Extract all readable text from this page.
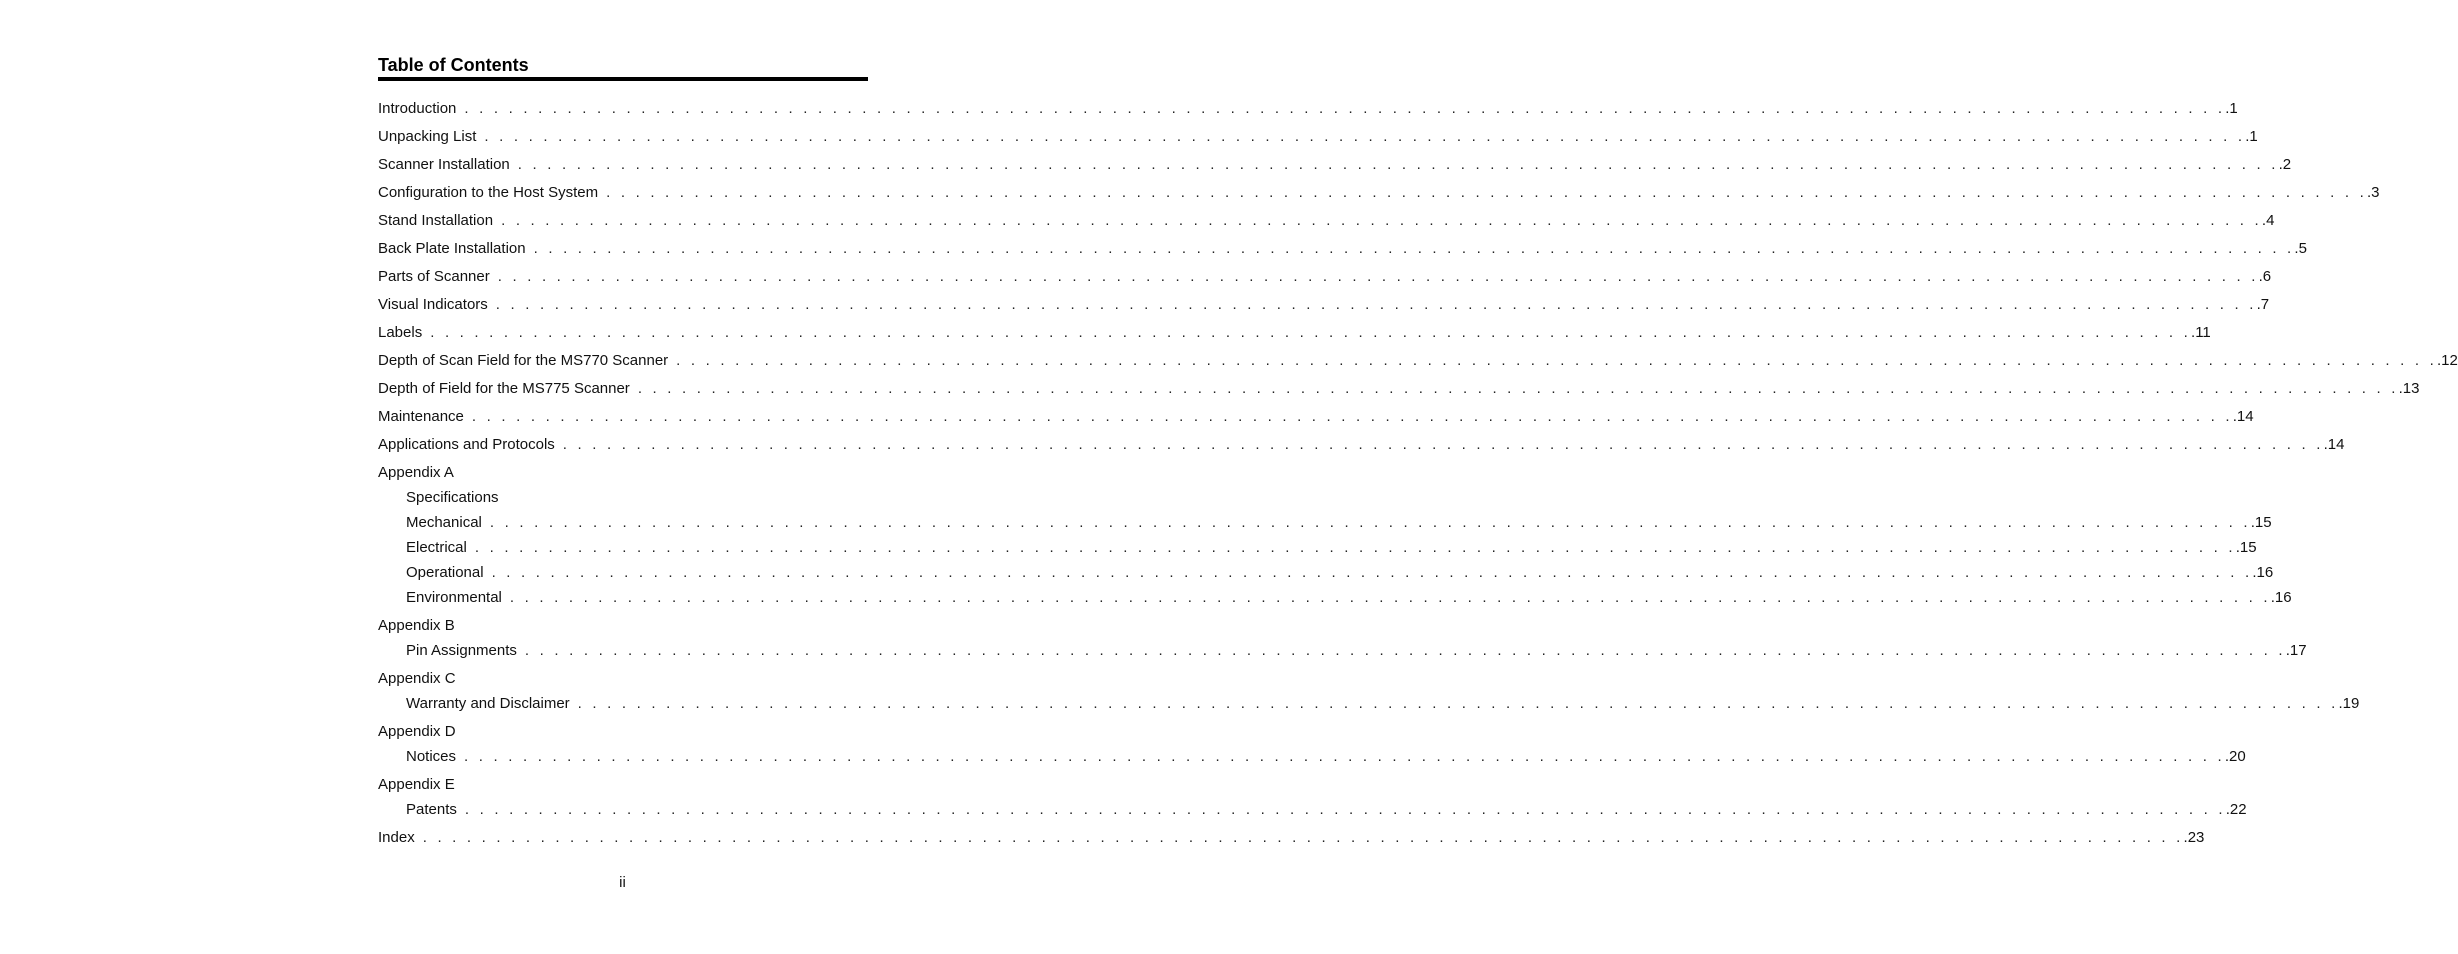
Table of Contents
Introduction . . . . . . . . . . . . . . . . . . . . . . . . . . . . . . . . . . . . . . . . . . . . . . . . . . . . . . . . . . . . . . . . . . . . . . . . . . . . . . . . . . . . . . . . . . . . . . . . . . . . . . . . . . . . . . . . . . . . . . . . .1
Unpacking List . . . . . . . . . . . . . . . . . . . . . . . . . . . . . . . . . . . . . . . . . . . . . . . . . . . . . . . . . . . . . . . . . . . . . . . . . . . . . . . . . . . . . . . . . . . . . . . . . . . . . . . . . . . . . . . . . . . . . . . . .1
Scanner Installation . . . . . . . . . . . . . . . . . . . . . . . . . . . . . . . . . . . . . . . . . . . . . . . . . . . . . . . . . . . . . . . . . . . . . . . . . . . . . . . . . . . . . . . . . . . . . . . . . . . . . . . . . . . . . . . . . . . . . . . . .2
Configuration to the Host System . . . . . . . . . . . . . . . . . . . . . . . . . . . . . . . . . . . . . . . . . . . . . . . . . . . . . . . . . . . . . . . . . . . . . . . . . . . . . . . . . . . . . . . . . . . . . . . . . . . . . . . . . . . . . . . . . . . . . . . . .3
Stand Installation . . . . . . . . . . . . . . . . . . . . . . . . . . . . . . . . . . . . . . . . . . . . . . . . . . . . . . . . . . . . . . . . . . . . . . . . . . . . . . . . . . . . . . . . . . . . . . . . . . . . . . . . . . . . . . . . . . . . . . . . .4
Back Plate Installation . . . . . . . . . . . . . . . . . . . . . . . . . . . . . . . . . . . . . . . . . . . . . . . . . . . . . . . . . . . . . . . . . . . . . . . . . . . . . . . . . . . . . . . . . . . . . . . . . . . . . . . . . . . . . . . . . . . . . . . . .5
Parts of Scanner . . . . . . . . . . . . . . . . . . . . . . . . . . . . . . . . . . . . . . . . . . . . . . . . . . . . . . . . . . . . . . . . . . . . . . . . . . . . . . . . . . . . . . . . . . . . . . . . . . . . . . . . . . . . . . . . . . . . . . . . .6
Visual Indicators . . . . . . . . . . . . . . . . . . . . . . . . . . . . . . . . . . . . . . . . . . . . . . . . . . . . . . . . . . . . . . . . . . . . . . . . . . . . . . . . . . . . . . . . . . . . . . . . . . . . . . . . . . . . . . . . . . . . . . . . .7
Labels . . . . . . . . . . . . . . . . . . . . . . . . . . . . . . . . . . . . . . . . . . . . . . . . . . . . . . . . . . . . . . . . . . . . . . . . . . . . . . . . . . . . . . . . . . . . . . . . . . . . . . . . . . . . . . . . . . . . . . . . .11
Depth of Scan Field for the MS770 Scanner . . . . . . . . . . . . . . . . . . . . . . . . . . . . . . . . . . . . . . . . . . . . . . . . . . . . . . . . . . . . . . . . . . . . . . . . . . . . . . . . . . . . . . . . . . . . . . . . . . . . . . . . . . . . . . . . . . . . . . . . .12
Depth of Field for the MS775 Scanner . . . . . . . . . . . . . . . . . . . . . . . . . . . . . . . . . . . . . . . . . . . . . . . . . . . . . . . . . . . . . . . . . . . . . . . . . . . . . . . . . . . . . . . . . . . . . . . . . . . . . . . . . . . . . . . . . . . . . . . . .13
Maintenance . . . . . . . . . . . . . . . . . . . . . . . . . . . . . . . . . . . . . . . . . . . . . . . . . . . . . . . . . . . . . . . . . . . . . . . . . . . . . . . . . . . . . . . . . . . . . . . . . . . . . . . . . . . . . . . . . . . . . . . . .14
Applications and Protocols . . . . . . . . . . . . . . . . . . . . . . . . . . . . . . . . . . . . . . . . . . . . . . . . . . . . . . . . . . . . . . . . . . . . . . . . . . . . . . . . . . . . . . . . . . . . . . . . . . . . . . . . . . . . . . . . . . . . . . . . .14
Appendix A
Specifications
Mechanical . . . . . . . . . . . . . . . . . . . . . . . . . . . . . . . . . . . . . . . . . . . . . . . . . . . . . . . . . . . . . . . . . . . . . . . . . . . . . . . . . . . . . . . . . . . . . . . . . . . . . . . . . . . . . . . . . . . . . . . . .15
Electrical . . . . . . . . . . . . . . . . . . . . . . . . . . . . . . . . . . . . . . . . . . . . . . . . . . . . . . . . . . . . . . . . . . . . . . . . . . . . . . . . . . . . . . . . . . . . . . . . . . . . . . . . . . . . . . . . . . . . . . . . .15
Operational . . . . . . . . . . . . . . . . . . . . . . . . . . . . . . . . . . . . . . . . . . . . . . . . . . . . . . . . . . . . . . . . . . . . . . . . . . . . . . . . . . . . . . . . . . . . . . . . . . . . . . . . . . . . . . . . . . . . . . . . .16
Environmental . . . . . . . . . . . . . . . . . . . . . . . . . . . . . . . . . . . . . . . . . . . . . . . . . . . . . . . . . . . . . . . . . . . . . . . . . . . . . . . . . . . . . . . . . . . . . . . . . . . . . . . . . . . . . . . . . . . . . . . . .16
Appendix B
Pin Assignments . . . . . . . . . . . . . . . . . . . . . . . . . . . . . . . . . . . . . . . . . . . . . . . . . . . . . . . . . . . . . . . . . . . . . . . . . . . . . . . . . . . . . . . . . . . . . . . . . . . . . . . . . . . . . . . . . . . . . . . . .17
Appendix C
Warranty and Disclaimer . . . . . . . . . . . . . . . . . . . . . . . . . . . . . . . . . . . . . . . . . . . . . . . . . . . . . . . . . . . . . . . . . . . . . . . . . . . . . . . . . . . . . . . . . . . . . . . . . . . . . . . . . . . . . . . . . . . . . . . . .19
Appendix D
Notices . . . . . . . . . . . . . . . . . . . . . . . . . . . . . . . . . . . . . . . . . . . . . . . . . . . . . . . . . . . . . . . . . . . . . . . . . . . . . . . . . . . . . . . . . . . . . . . . . . . . . . . . . . . . . . . . . . . . . . . . .20
Appendix E
Patents . . . . . . . . . . . . . . . . . . . . . . . . . . . . . . . . . . . . . . . . . . . . . . . . . . . . . . . . . . . . . . . . . . . . . . . . . . . . . . . . . . . . . . . . . . . . . . . . . . . . . . . . . . . . . . . . . . . . . . . . .22
Index . . . . . . . . . . . . . . . . . . . . . . . . . . . . . . . . . . . . . . . . . . . . . . . . . . . . . . . . . . . . . . . . . . . . . . . . . . . . . . . . . . . . . . . . . . . . . . . . . . . . . . . . . . . . . . . . . . . . . . . . .23
ii
